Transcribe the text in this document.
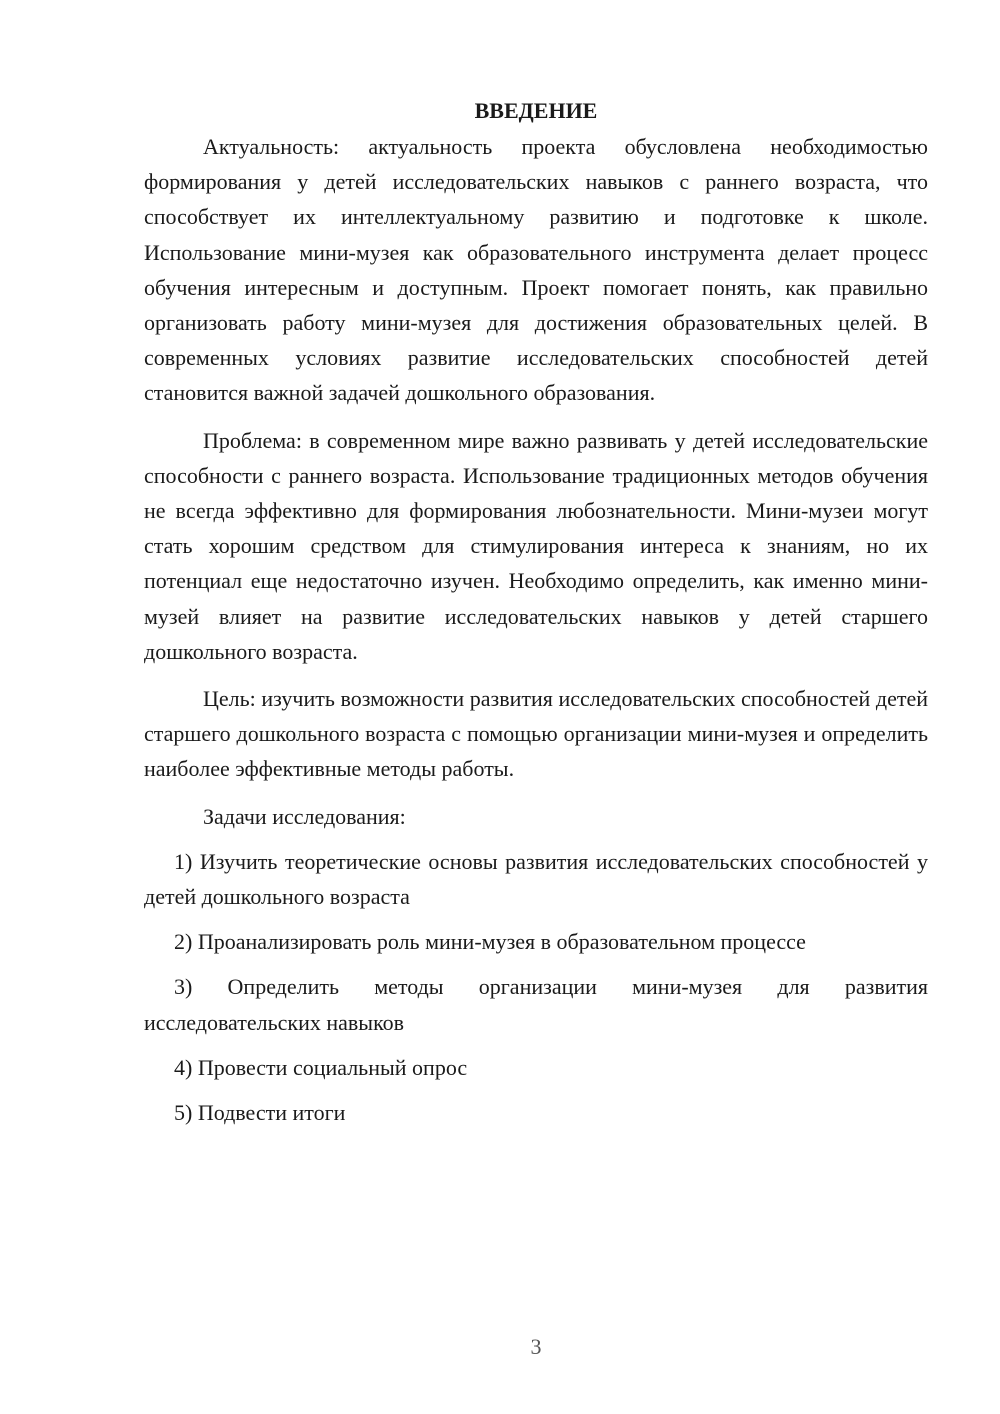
ВВЕДЕНИЕ

Актуальность: актуальность проекта обусловлена необходимостью формирования у детей исследовательских навыков с раннего возраста, что способствует их интеллектуальному развитию и подготовке к школе. Использование мини-музея как образовательного инструмента делает процесс обучения интересным и доступным. Проект помогает понять, как правильно организовать работу мини-музея для достижения образовательных целей. В современных условиях развитие исследовательских способностей детей становится важной задачей дошкольного образования.

Проблема: в современном мире важно развивать у детей исследовательские способности с раннего возраста. Использование традиционных методов обучения не всегда эффективно для формирования любознательности. Мини-музеи могут стать хорошим средством для стимулирования интереса к знаниям, но их потенциал еще недостаточно изучен. Необходимо определить, как именно мини-музей влияет на развитие исследовательских навыков у детей старшего дошкольного возраста.

Цель: изучить возможности развития исследовательских способностей детей старшего дошкольного возраста с помощью организации мини-музея и определить наиболее эффективные методы работы.

Задачи исследования:

1) Изучить теоретические основы развития исследовательских способностей у детей дошкольного возраста

2) Проанализировать роль мини-музея в образовательном процессе

3) Определить методы организации мини-музея для развития исследовательских навыков

4) Провести социальный опрос

5) Подвести итоги

3
